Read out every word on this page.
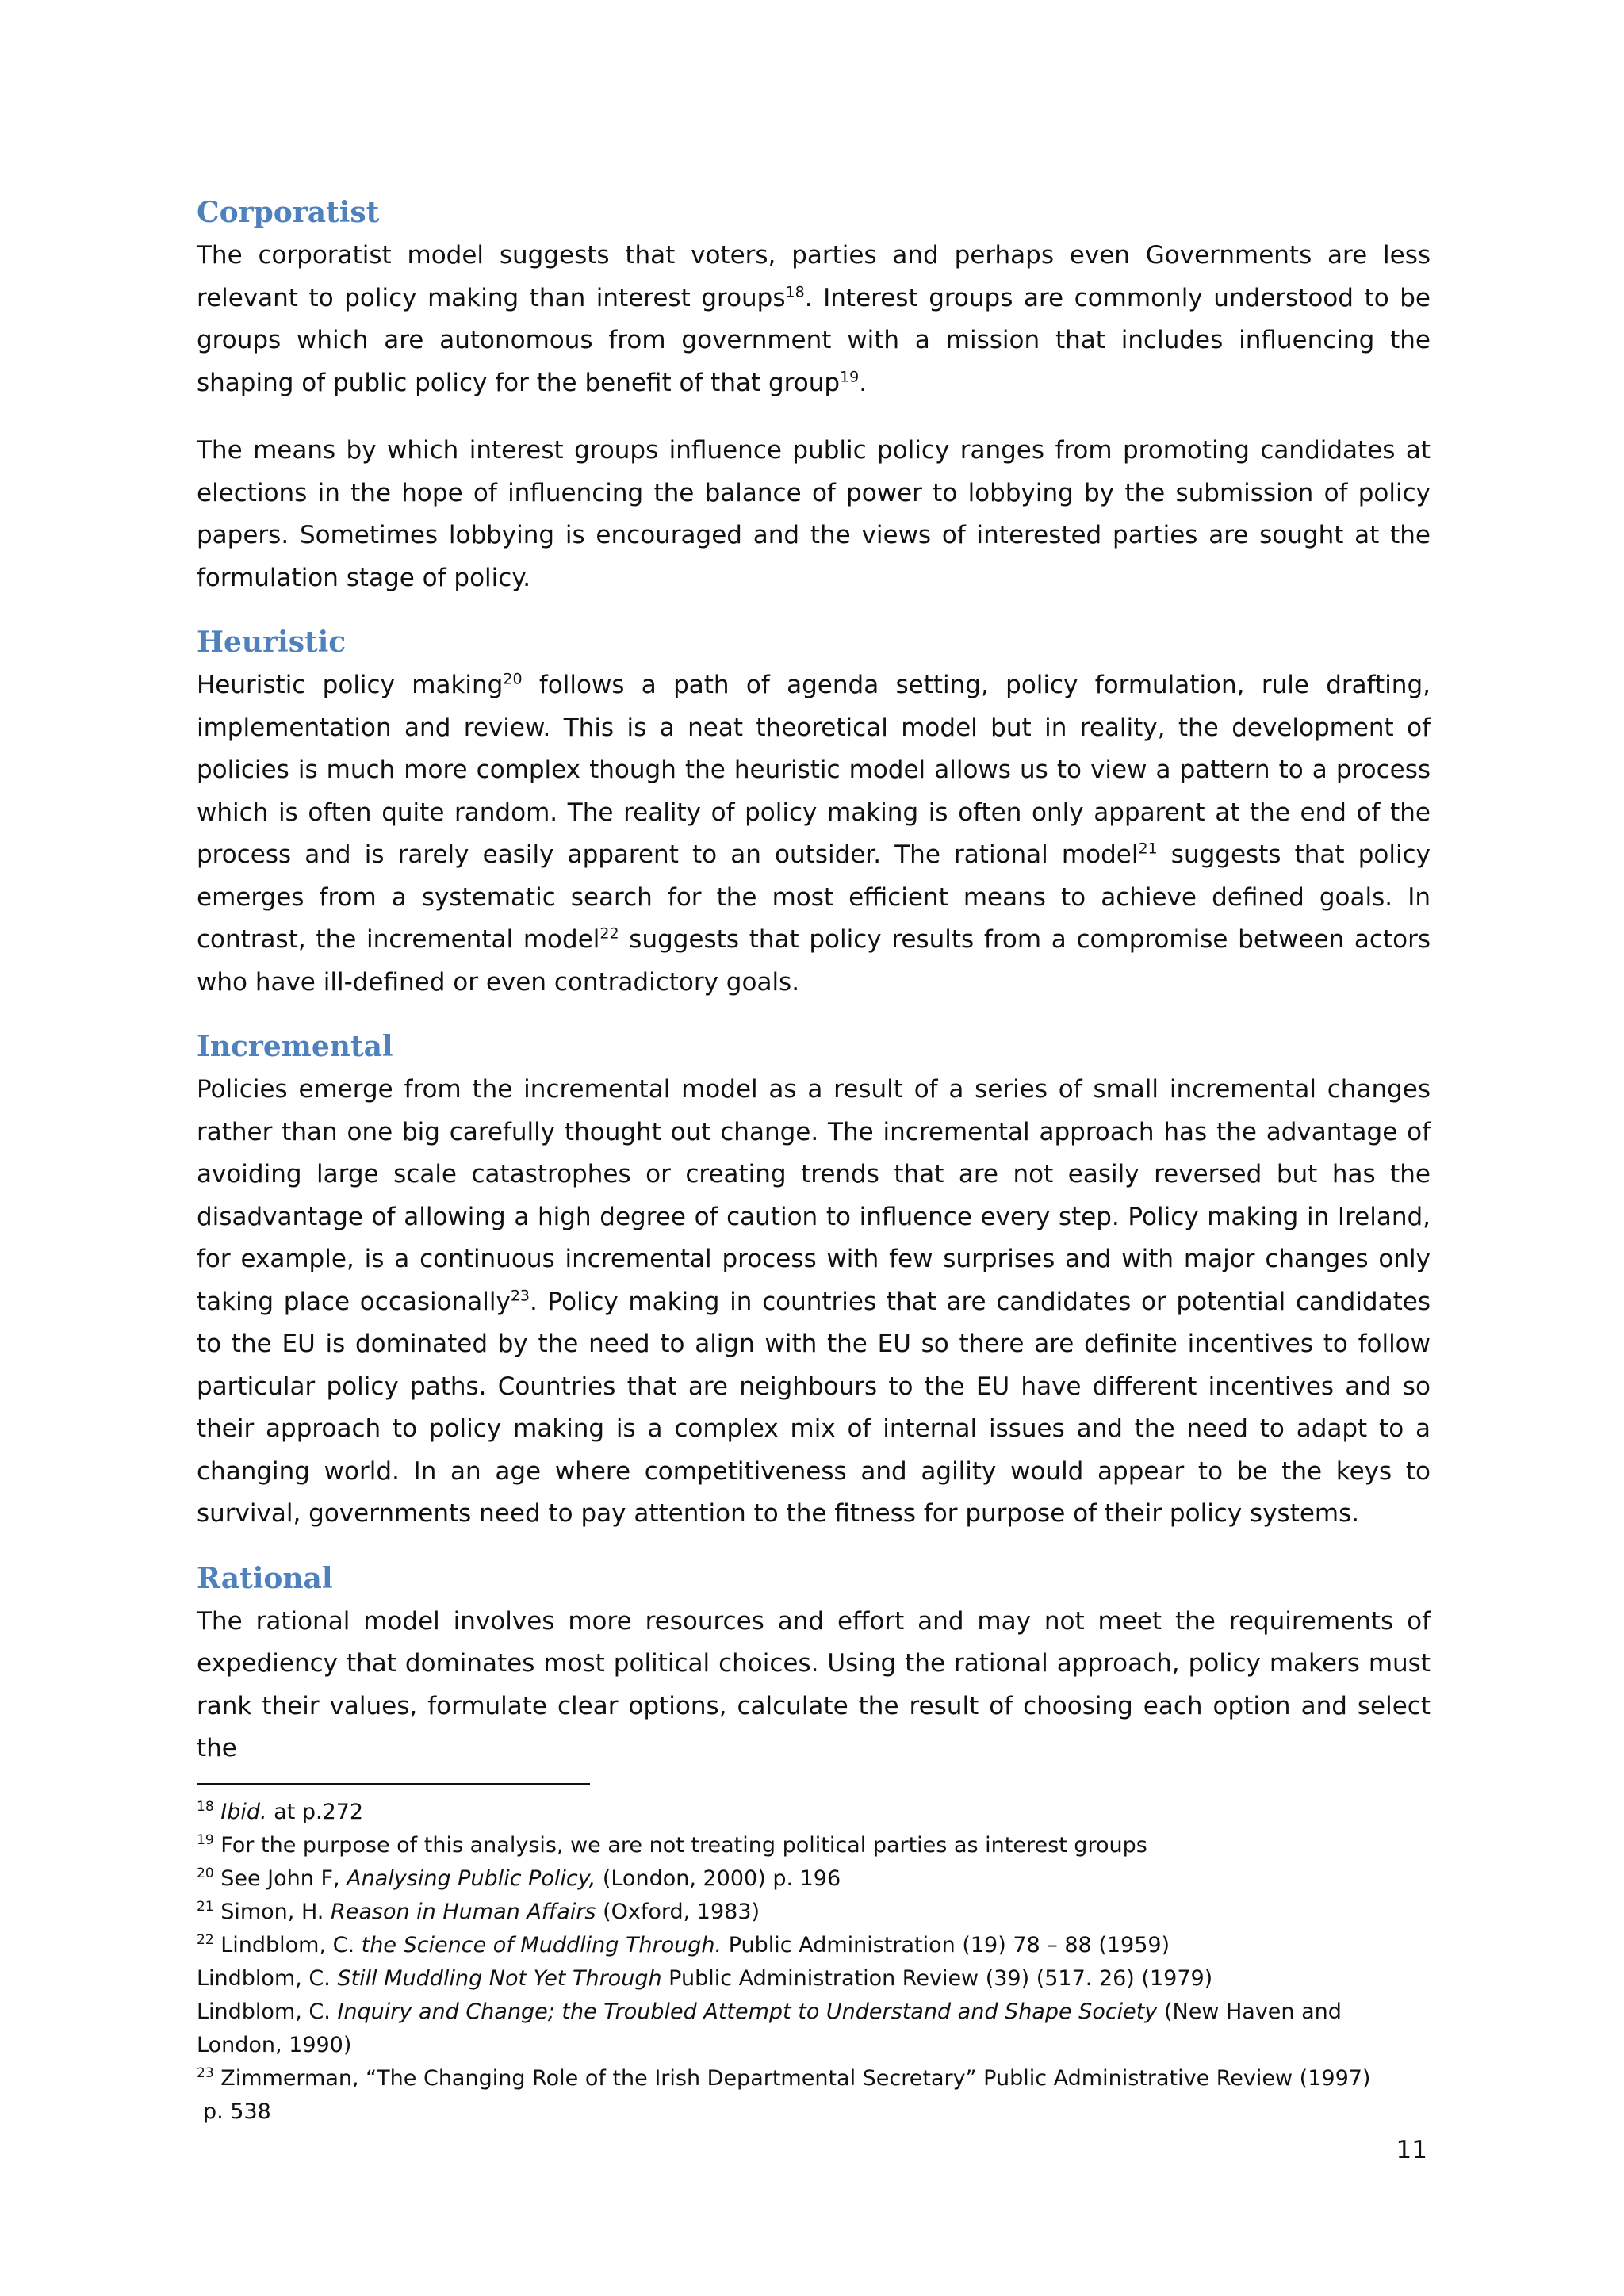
Corporatist

The corporatist model suggests that voters, parties and perhaps even Governments are less relevant to policy making than interest groups$^{18}$. Interest groups are commonly understood to be groups which are autonomous from government with a mission that includes influencing the shaping of public policy for the benefit of that group$^{19}$.

The means by which interest groups influence public policy ranges from promoting candidates at elections in the hope of influencing the balance of power to lobbying by the submission of policy papers. Sometimes lobbying is encouraged and the views of interested parties are sought at the formulation stage of policy.

Heuristic

Heuristic policy making$^{20}$ follows a path of agenda setting, policy formulation, rule drafting, implementation and review. This is a neat theoretical model but in reality, the development of policies is much more complex though the heuristic model allows us to view a pattern to a process which is often quite random. The reality of policy making is often only apparent at the end of the process and is rarely easily apparent to an outsider. The rational model$^{21}$ suggests that policy emerges from a systematic search for the most efficient means to achieve defined goals. In contrast, the incremental model$^{22}$ suggests that policy results from a compromise between actors who have ill-defined or even contradictory goals.

Incremental

Policies emerge from the incremental model as a result of a series of small incremental changes rather than one big carefully thought out change. The incremental approach has the advantage of avoiding large scale catastrophes or creating trends that are not easily reversed but has the disadvantage of allowing a high degree of caution to influence every step. Policy making in Ireland, for example, is a continuous incremental process with few surprises and with major changes only taking place occasionally$^{23}$. Policy making in countries that are candidates or potential candidates to the EU is dominated by the need to align with the EU so there are definite incentives to follow particular policy paths. Countries that are neighbours to the EU have different incentives and so their approach to policy making is a complex mix of internal issues and the need to adapt to a changing world. In an age where competitiveness and agility would appear to be the keys to survival, governments need to pay attention to the fitness for purpose of their policy systems.

Rational

The rational model involves more resources and effort and may not meet the requirements of expediency that dominates most political choices. Using the rational approach, policy makers must rank their values, formulate clear options, calculate the result of choosing each option and select the

$^{18}$ Ibid. at p.272
$^{19}$ For the purpose of this analysis, we are not treating political parties as interest groups
$^{20}$ See John F, Analysing Public Policy, (London, 2000) p. 196
$^{21}$ Simon, H. Reason in Human Affairs (Oxford, 1983)
$^{22}$ Lindblom, C. the Science of Muddling Through. Public Administration (19) 78 – 88 (1959)
Lindblom, C. Still Muddling Not Yet Through Public Administration Review (39) (517. 26) (1979)
Lindblom, C. Inquiry and Change; the Troubled Attempt to Understand and Shape Society (New Haven and London, 1990)
$^{23}$ Zimmerman, “The Changing Role of the Irish Departmental Secretary” Public Administrative Review (1997)
p. 538
11
